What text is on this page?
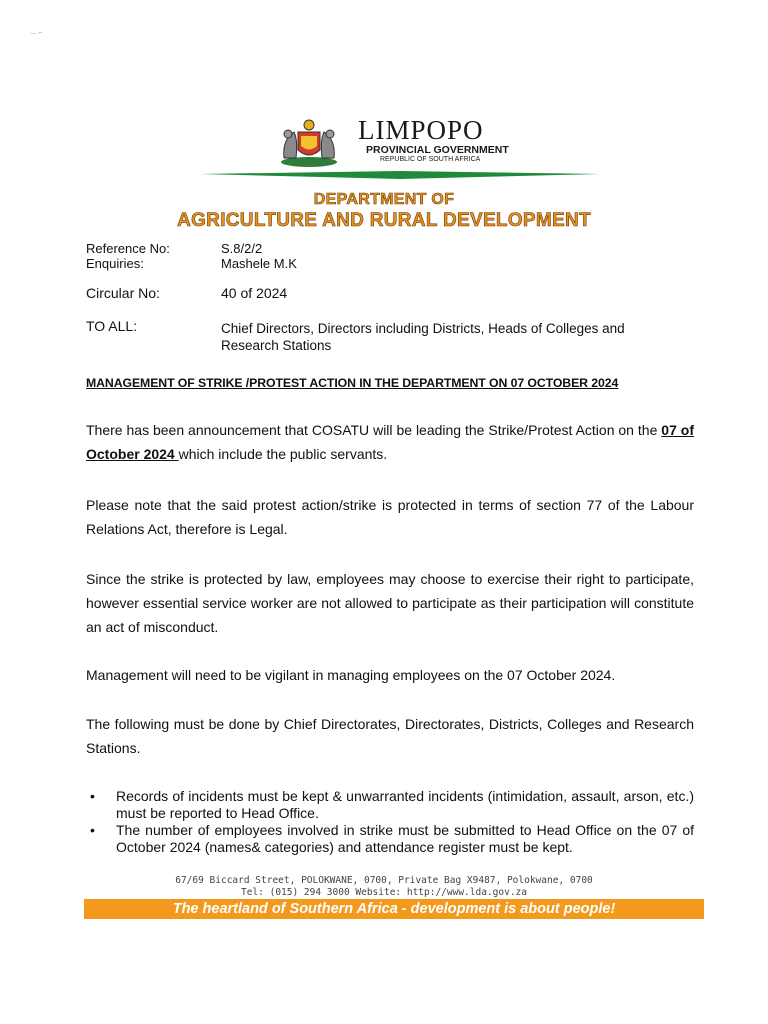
·– ~
LIMPOPO
PROVINCIAL GOVERNMENT
REPUBLIC OF SOUTH AFRICA
DEPARTMENT OF
AGRICULTURE AND RURAL DEVELOPMENT
Reference No:	S.8/2/2
Enquiries:	Mashele M.K
Circular No:	40 of 2024
TO ALL:	Chief Directors, Directors including Districts, Heads of Colleges and Research Stations
MANAGEMENT OF STRIKE /PROTEST ACTION IN THE DEPARTMENT ON 07 OCTOBER 2024
There has been announcement that COSATU will be leading the Strike/Protest Action on the 07 of October 2024 which include the public servants.
Please note that the said protest action/strike is protected in terms of section 77 of the Labour Relations Act, therefore is Legal.
Since the strike is protected by law, employees may choose to exercise their right to participate, however essential service worker are not allowed to participate as their participation will constitute an act of misconduct.
Management will need to be vigilant in managing employees on the 07 October 2024.
The following must be done by Chief Directorates, Directorates, Districts, Colleges and Research Stations.
•	Records of incidents must be kept & unwarranted incidents (intimidation, assault, arson, etc.) must be reported to Head Office.
•	The number of employees involved in strike must be submitted to Head Office on the 07 of October 2024 (names& categories) and attendance register must be kept.
67/69 Biccard Street, POLOKWANE, 0700, Private Bag X9487, Polokwane, 0700
Tel: (015) 294 3000 Website: http://www.lda.gov.za
The heartland of Southern Africa - development is about people!
